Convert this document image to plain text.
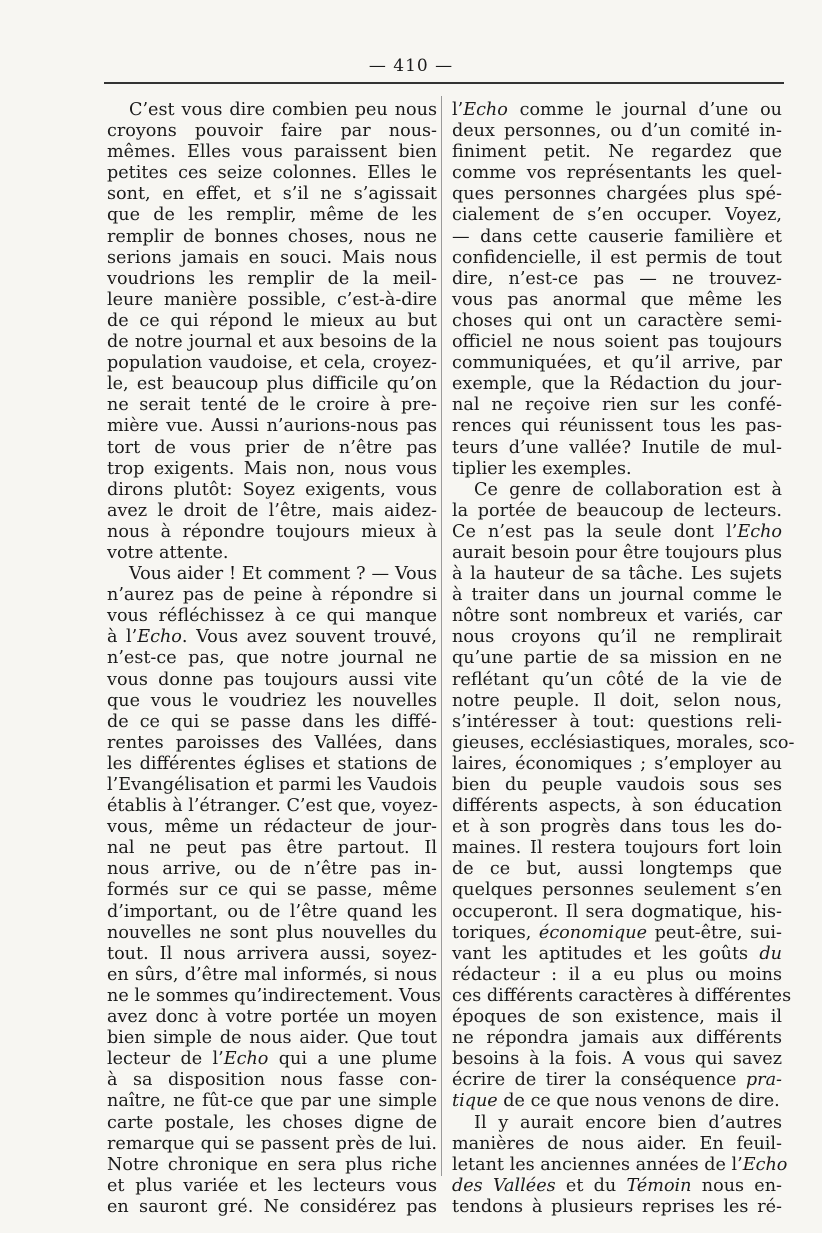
— 410 —
C’est vous dire combien peu nous
croyons pouvoir faire par nous-
mêmes. Elles vous paraissent bien
petites ces seize colonnes. Elles le
sont, en effet, et s’il ne s’agissait
que de les remplir, même de les
remplir de bonnes choses, nous ne
serions jamais en souci. Mais nous
voudrions les remplir de la meil-
leure manière possible, c’est-à-dire
de ce qui répond le mieux au but
de notre journal et aux besoins de la
population vaudoise, et cela, croyez-
le, est beaucoup plus difficile qu’on
ne serait tenté de le croire à pre-
mière vue. Aussi n’aurions-nous pas
tort de vous prier de n’être pas
trop exigents. Mais non, nous vous
dirons plutôt: Soyez exigents, vous
avez le droit de l’être, mais aidez-
nous à répondre toujours mieux à
votre attente.
Vous aider ! Et comment ? — Vous
n’aurez pas de peine à répondre si
vous réfléchissez à ce qui manque
à l’Echo. Vous avez souvent trouvé,
n’est-ce pas, que notre journal ne
vous donne pas toujours aussi vite
que vous le voudriez les nouvelles
de ce qui se passe dans les diffé-
rentes paroisses des Vallées, dans
les différentes églises et stations de
l’Evangélisation et parmi les Vaudois
établis à l’étranger. C’est que, voyez-
vous, même un rédacteur de jour-
nal ne peut pas être partout. Il
nous arrive, ou de n’être pas in-
formés sur ce qui se passe, même
d’important, ou de l’être quand les
nouvelles ne sont plus nouvelles du
tout. Il nous arrivera aussi, soyez-
en sûrs, d’être mal informés, si nous
ne le sommes qu’indirectement. Vous
avez donc à votre portée un moyen
bien simple de nous aider. Que tout
lecteur de l’Echo qui a une plume
à sa disposition nous fasse con-
naître, ne fût-ce que par une simple
carte postale, les choses digne de
remarque qui se passent près de lui.
Notre chronique en sera plus riche
et plus variée et les lecteurs vous
en sauront gré. Ne considérez pas
l’Echo comme le journal d’une ou
deux personnes, ou d’un comité in-
finiment petit. Ne regardez que
comme vos représentants les quel-
ques personnes chargées plus spé-
cialement de s’en occuper. Voyez,
— dans cette causerie familière et
confidencielle, il est permis de tout
dire, n’est-ce pas — ne trouvez-
vous pas anormal que même les
choses qui ont un caractère semi-
officiel ne nous soient pas toujours
communiquées, et qu’il arrive, par
exemple, que la Rédaction du jour-
nal ne reçoive rien sur les confé-
rences qui réunissent tous les pas-
teurs d’une vallée? Inutile de mul-
tiplier les exemples.
Ce genre de collaboration est à
la portée de beaucoup de lecteurs.
Ce n’est pas la seule dont l’Echo
aurait besoin pour être toujours plus
à la hauteur de sa tâche. Les sujets
à traiter dans un journal comme le
nôtre sont nombreux et variés, car
nous croyons qu’il ne remplirait
qu’une partie de sa mission en ne
reflétant qu’un côté de la vie de
notre peuple. Il doit, selon nous,
s’intéresser à tout: questions reli-
gieuses, ecclésiastiques, morales, sco-
laires, économiques ; s’employer au
bien du peuple vaudois sous ses
différents aspects, à son éducation
et à son progrès dans tous les do-
maines. Il restera toujours fort loin
de ce but, aussi longtemps que
quelques personnes seulement s’en
occuperont. Il sera dogmatique, his-
toriques, économique peut-être, sui-
vant les aptitudes et les goûts du
rédacteur : il a eu plus ou moins
ces différents caractères à différentes
époques de son existence, mais il
ne répondra jamais aux différents
besoins à la fois. A vous qui savez
écrire de tirer la conséquence pra-
tique de ce que nous venons de dire.
Il y aurait encore bien d’autres
manières de nous aider. En feuil-
letant les anciennes années de l’Echo
des Vallées et du Témoin nous en-
tendons à plusieurs reprises les ré-
